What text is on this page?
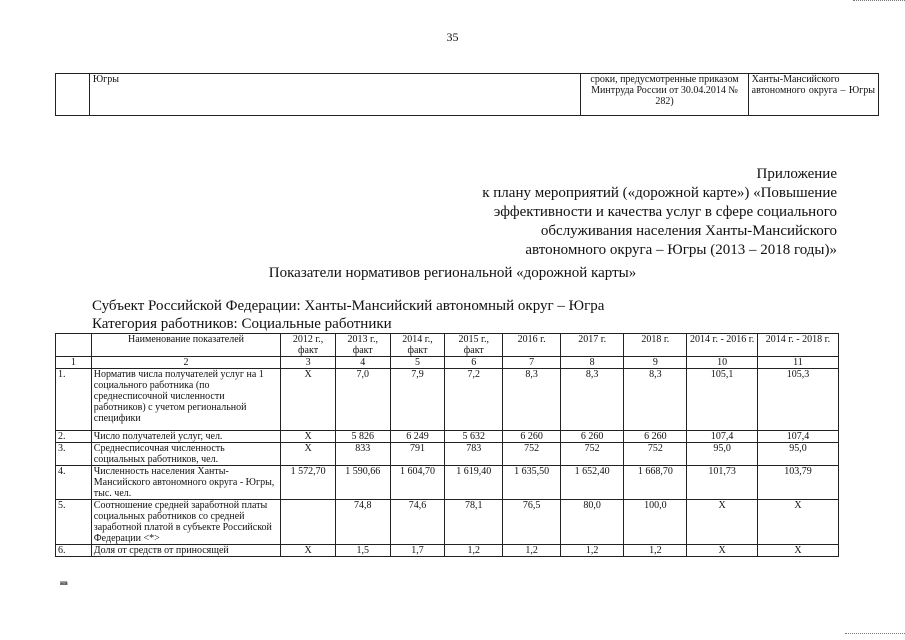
35
	Югры	сроки, предусмотренные приказом Минтруда России от 30.04.2014 № 282)	Ханты-Мансийского автономного округа – Югры
Приложение
к плану мероприятий («дорожной карте») «Повышение
эффективности и качества услуг в сфере социального
обслуживания населения Ханты-Мансийского
автономного округа – Югры (2013 – 2018 годы)»
Показатели нормативов региональной «дорожной карты»
Субъект Российской Федерации: Ханты-Мансийский автономный округ – Югра
Категория работников: Социальные работники
	Наименование показателей	2012 г., факт	2013 г., факт	2014 г., факт	2015 г., факт	2016 г.	2017 г.	2018 г.	2014 г. - 2016 г.	2014 г. - 2018 г.
1	2	3	4	5	6	7	8	9	10	11
1.	Норматив числа получателей услуг на 1 социального работника (по среднесписочной численности работников) с учетом региональной специфики	Х	7,0	7,9	7,2	8,3	8,3	8,3	105,1	105,3
2.	Число получателей услуг, чел.	Х	5 826	6 249	5 632	6 260	6 260	6 260	107,4	107,4
3.	Среднесписочная численность социальных работников, чел.	Х	833	791	783	752	752	752	95,0	95,0
4.	Численность населения Ханты-Мансийского автономного округа - Югры, тыс. чел.	1 572,70	1 590,66	1 604,70	1 619,40	1 635,50	1 652,40	1 668,70	101,73	103,79
5.	Соотношение средней заработной платы социальных работников со средней заработной платой в субъекте Российской Федерации <*>		74,8	74,6	78,1	76,5	80,0	100,0	Х	Х
6.	Доля от средств от приносящей	Х	1,5	1,7	1,2	1,2	1,2	1,2	Х	Х
нв
